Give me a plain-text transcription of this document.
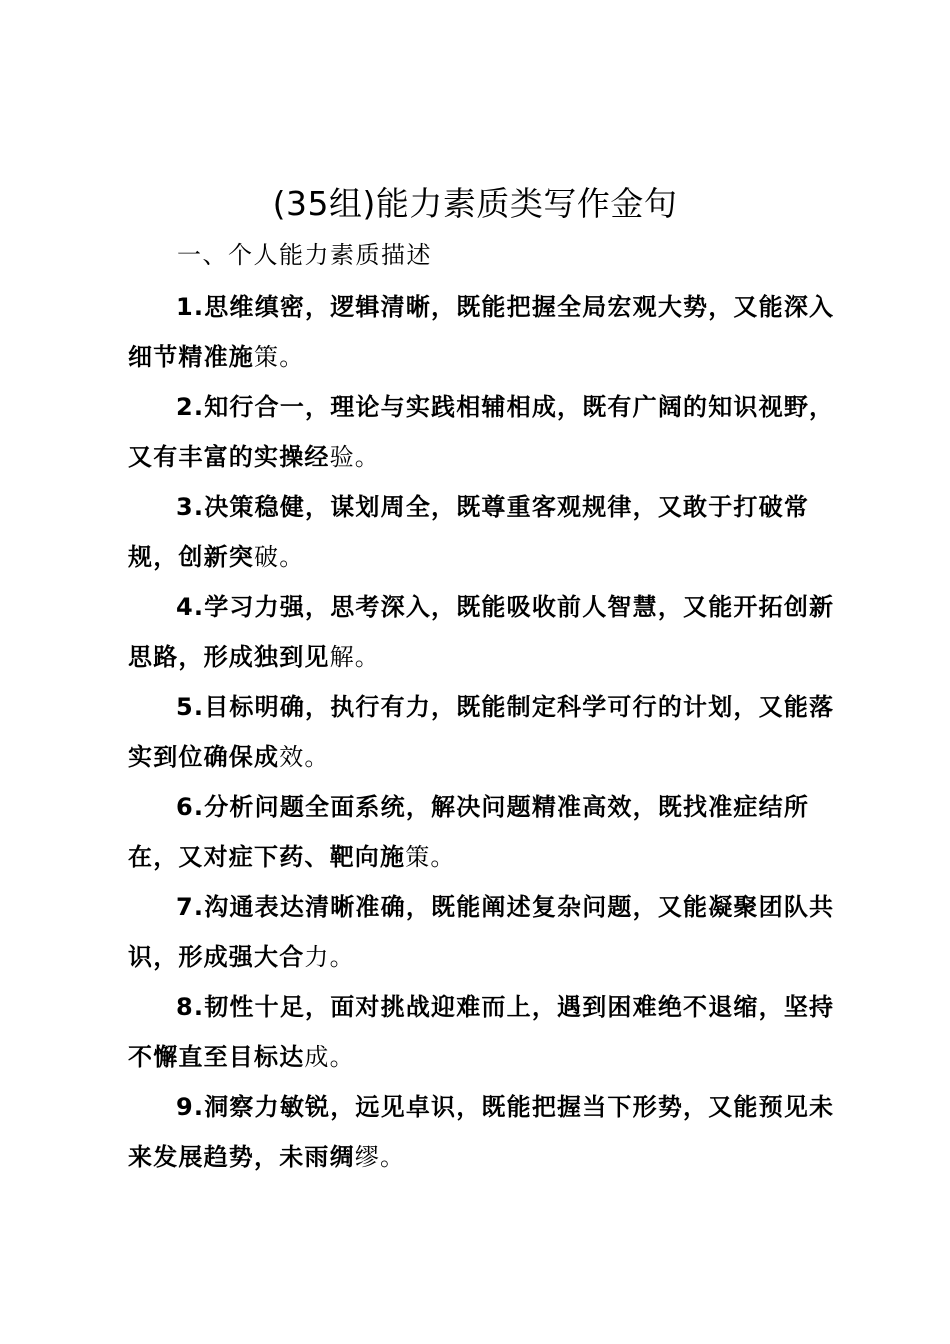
(35组)能力素质类写作金句
一、个人能力素质描述

1.思维缜密，逻辑清晰，既能把握全局宏观大势，又能深入细节精准施策。

2.知行合一，理论与实践相辅相成，既有广阔的知识视野，又有丰富的实操经验。

3.决策稳健，谋划周全，既尊重客观规律，又敢于打破常规，创新突破。

4.学习力强，思考深入，既能吸收前人智慧，又能开拓创新思路，形成独到见解。

5.目标明确，执行有力，既能制定科学可行的计划，又能落实到位确保成效。

6.分析问题全面系统，解决问题精准高效，既找准症结所在，又对症下药、靶向施策。

7.沟通表达清晰准确，既能阐述复杂问题，又能凝聚团队共识，形成强大合力。

8.韧性十足，面对挑战迎难而上，遇到困难绝不退缩，坚持不懈直至目标达成。

9.洞察力敏锐，远见卓识，既能把握当下形势，又能预见未来发展趋势，未雨绸缪。
